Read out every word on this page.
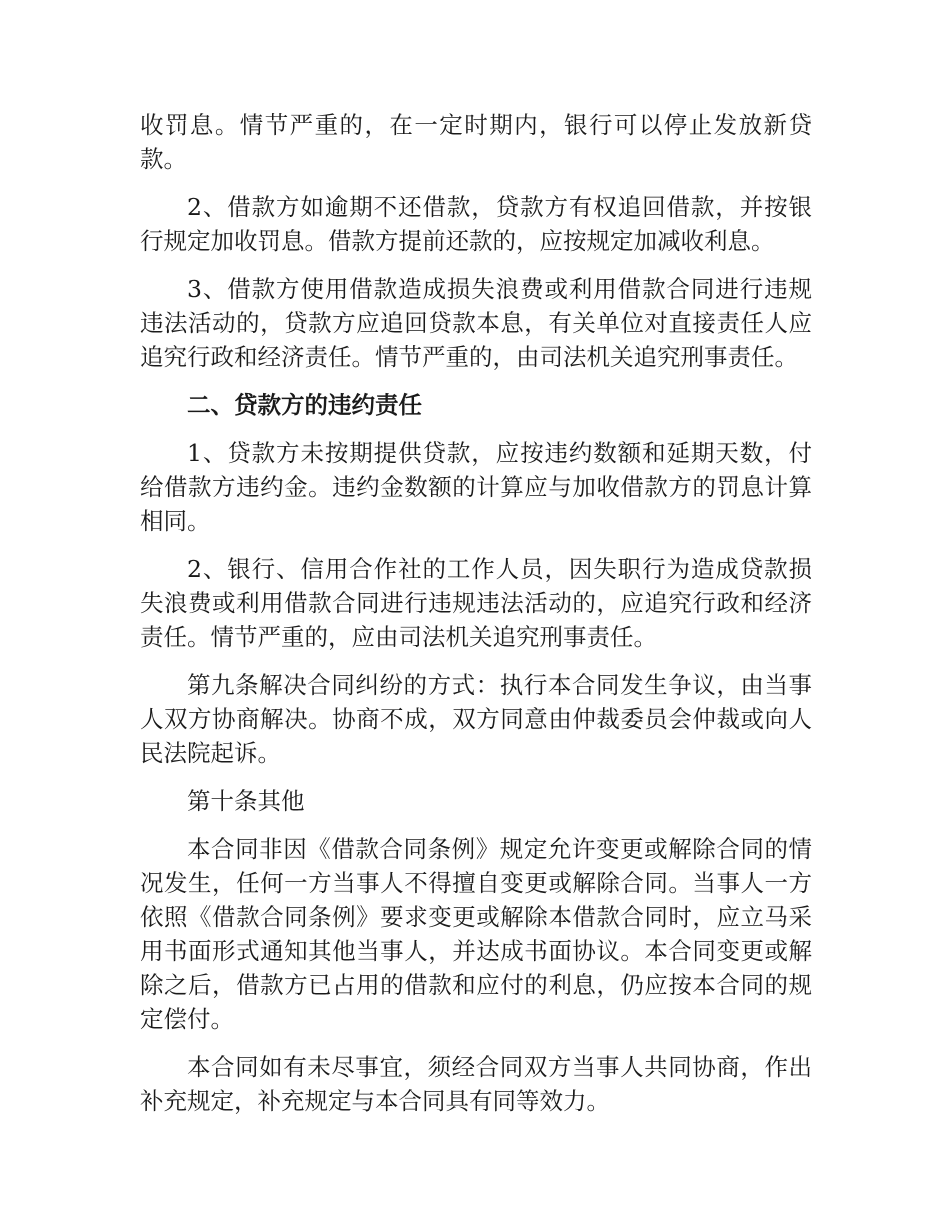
收罚息。情节严重的，在一定时期内，银行可以停止发放新贷款。

2、借款方如逾期不还借款，贷款方有权追回借款，并按银行规定加收罚息。借款方提前还款的，应按规定加减收利息。

3、借款方使用借款造成损失浪费或利用借款合同进行违规违法活动的，贷款方应追回贷款本息，有关单位对直接责任人应追究行政和经济责任。情节严重的，由司法机关追究刑事责任。

二、贷款方的违约责任

1、贷款方未按期提供贷款，应按违约数额和延期天数，付给借款方违约金。违约金数额的计算应与加收借款方的罚息计算相同。

2、银行、信用合作社的工作人员，因失职行为造成贷款损失浪费或利用借款合同进行违规违法活动的，应追究行政和经济责任。情节严重的，应由司法机关追究刑事责任。

第九条解决合同纠纷的方式：执行本合同发生争议，由当事人双方协商解决。协商不成，双方同意由仲裁委员会仲裁或向人民法院起诉。

第十条其他

本合同非因《借款合同条例》规定允许变更或解除合同的情况发生，任何一方当事人不得擅自变更或解除合同。当事人一方依照《借款合同条例》要求变更或解除本借款合同时，应立马采用书面形式通知其他当事人，并达成书面协议。本合同变更或解除之后，借款方已占用的借款和应付的利息，仍应按本合同的规定偿付。

本合同如有未尽事宜，须经合同双方当事人共同协商，作出补充规定，补充规定与本合同具有同等效力。
